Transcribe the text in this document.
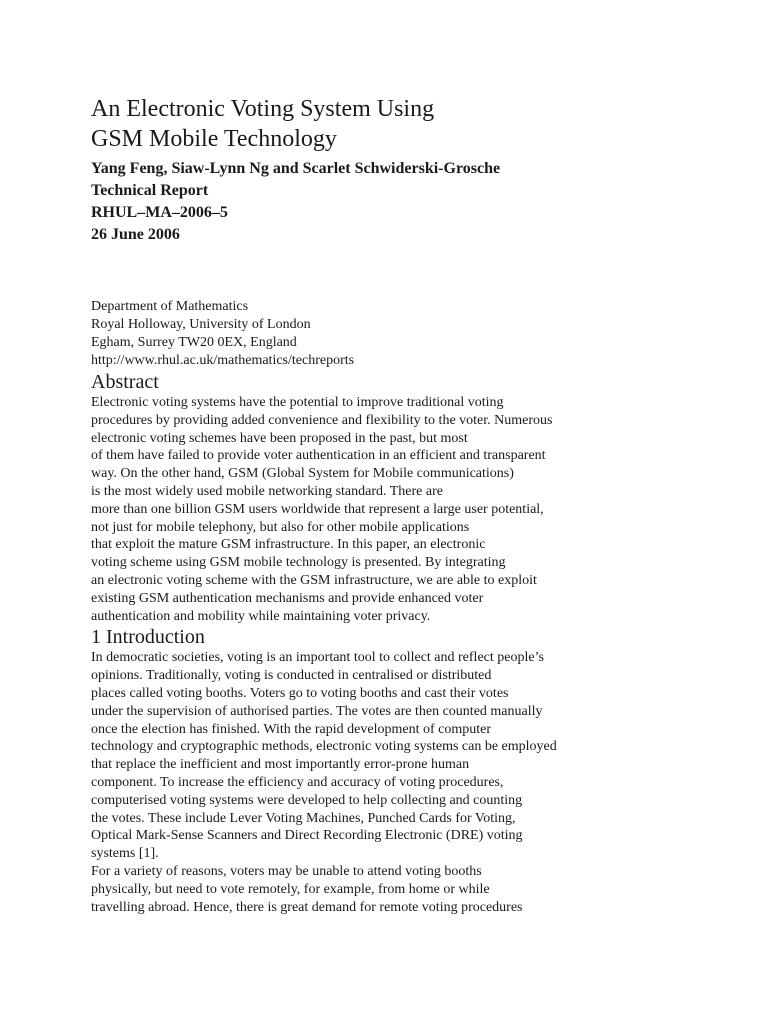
An Electronic Voting System Using
GSM Mobile Technology
Yang Feng, Siaw-Lynn Ng and Scarlet Schwiderski-Grosche
Technical Report
RHUL–MA–2006–5
26 June 2006
Department of Mathematics
Royal Holloway, University of London
Egham, Surrey TW20 0EX, England
http://www.rhul.ac.uk/mathematics/techreports
Abstract
Electronic voting systems have the potential to improve traditional voting
procedures by providing added convenience and flexibility to the voter. Numerous
electronic voting schemes have been proposed in the past, but most
of them have failed to provide voter authentication in an efficient and transparent
way. On the other hand, GSM (Global System for Mobile communications)
is the most widely used mobile networking standard. There are
more than one billion GSM users worldwide that represent a large user potential,
not just for mobile telephony, but also for other mobile applications
that exploit the mature GSM infrastructure. In this paper, an electronic
voting scheme using GSM mobile technology is presented. By integrating
an electronic voting scheme with the GSM infrastructure, we are able to exploit
existing GSM authentication mechanisms and provide enhanced voter
authentication and mobility while maintaining voter privacy.
1 Introduction
In democratic societies, voting is an important tool to collect and reflect people’s
opinions. Traditionally, voting is conducted in centralised or distributed
places called voting booths. Voters go to voting booths and cast their votes
under the supervision of authorised parties. The votes are then counted manually
once the election has finished. With the rapid development of computer
technology and cryptographic methods, electronic voting systems can be employed
that replace the inefficient and most importantly error-prone human
component. To increase the efficiency and accuracy of voting procedures,
computerised voting systems were developed to help collecting and counting
the votes. These include Lever Voting Machines, Punched Cards for Voting,
Optical Mark-Sense Scanners and Direct Recording Electronic (DRE) voting
systems [1].
For a variety of reasons, voters may be unable to attend voting booths
physically, but need to vote remotely, for example, from home or while
travelling abroad. Hence, there is great demand for remote voting procedures
